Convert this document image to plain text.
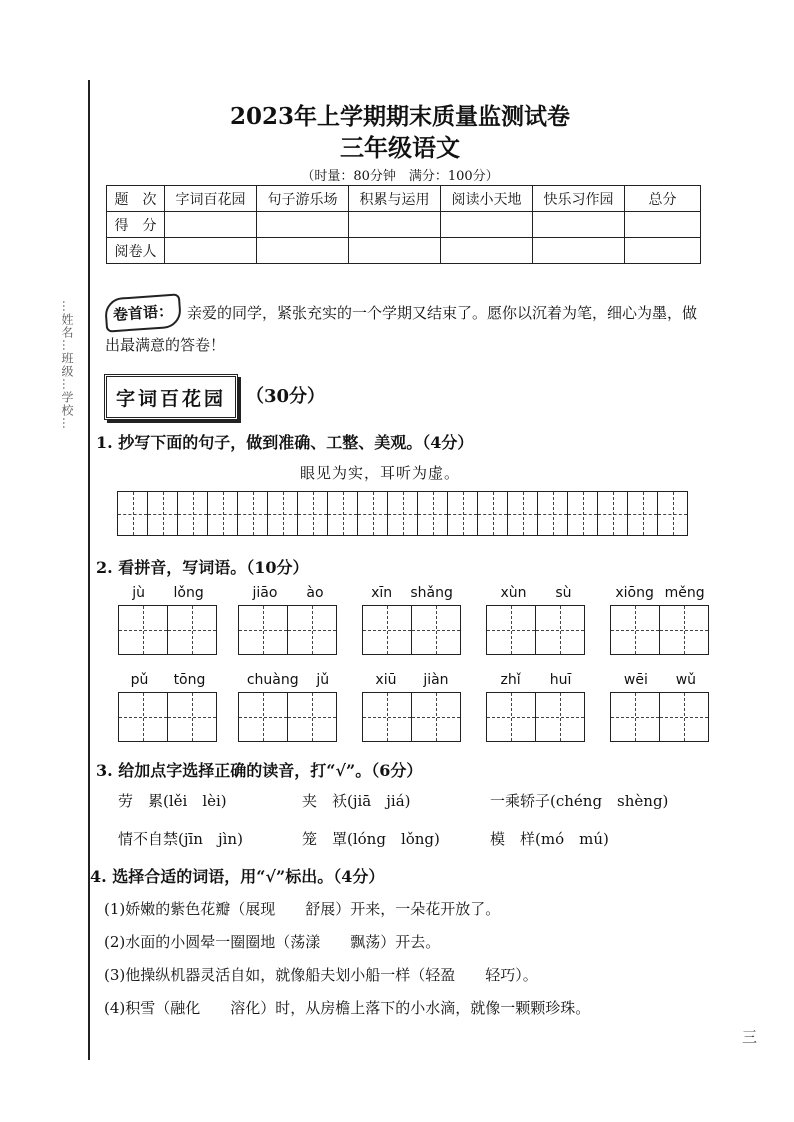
…姓名…班级…学校…
2023年上学期期末质量监测试卷
三年级语文
（时量：80分钟　满分：100分）
题　次	字词百花园	句子游乐场	积累与运用	阅读小天地	快乐习作园	总分
得　分						
阅卷人						
卷首语： 亲爱的同学，紧张充实的一个学期又结束了。愿你以沉着为笔，细心为墨，做出最满意的答卷！
字词百花园	（30分）
1. 抄写下面的句子，做到准确、工整、美观。（4分）
眼见为实，耳听为虚。
2. 看拼音，写词语。（10分）
jù lǒng	jiāo ào	xīn shǎng	xùn sù	xiōng měng
pǔ tōng	chuàng jǔ	xiū jiàn	zhǐ huī	wēi wǔ
3. 给加点字选择正确的读音，打“√”。（6分）
劳　累(lěi　lèi)	夹　袄(jiā　jiá)	一乘轿子(chéng　shèng)
情不自禁(jīn　jìn)	笼　罩(lóng　lǒng)	模　样(mó　mú)
4. 选择合适的词语，用“√”标出。（4分）
(1)娇嫩的紫色花瓣（展现　　舒展）开来，一朵花开放了。
(2)水面的小圆晕一圈圈地（荡漾　　飘荡）开去。
(3)他操纵机器灵活自如，就像船夫划小船一样（轻盈　　轻巧）。
(4)积雪（融化　　溶化）时，从房檐上落下的小水滴，就像一颗颗珍珠。
三
